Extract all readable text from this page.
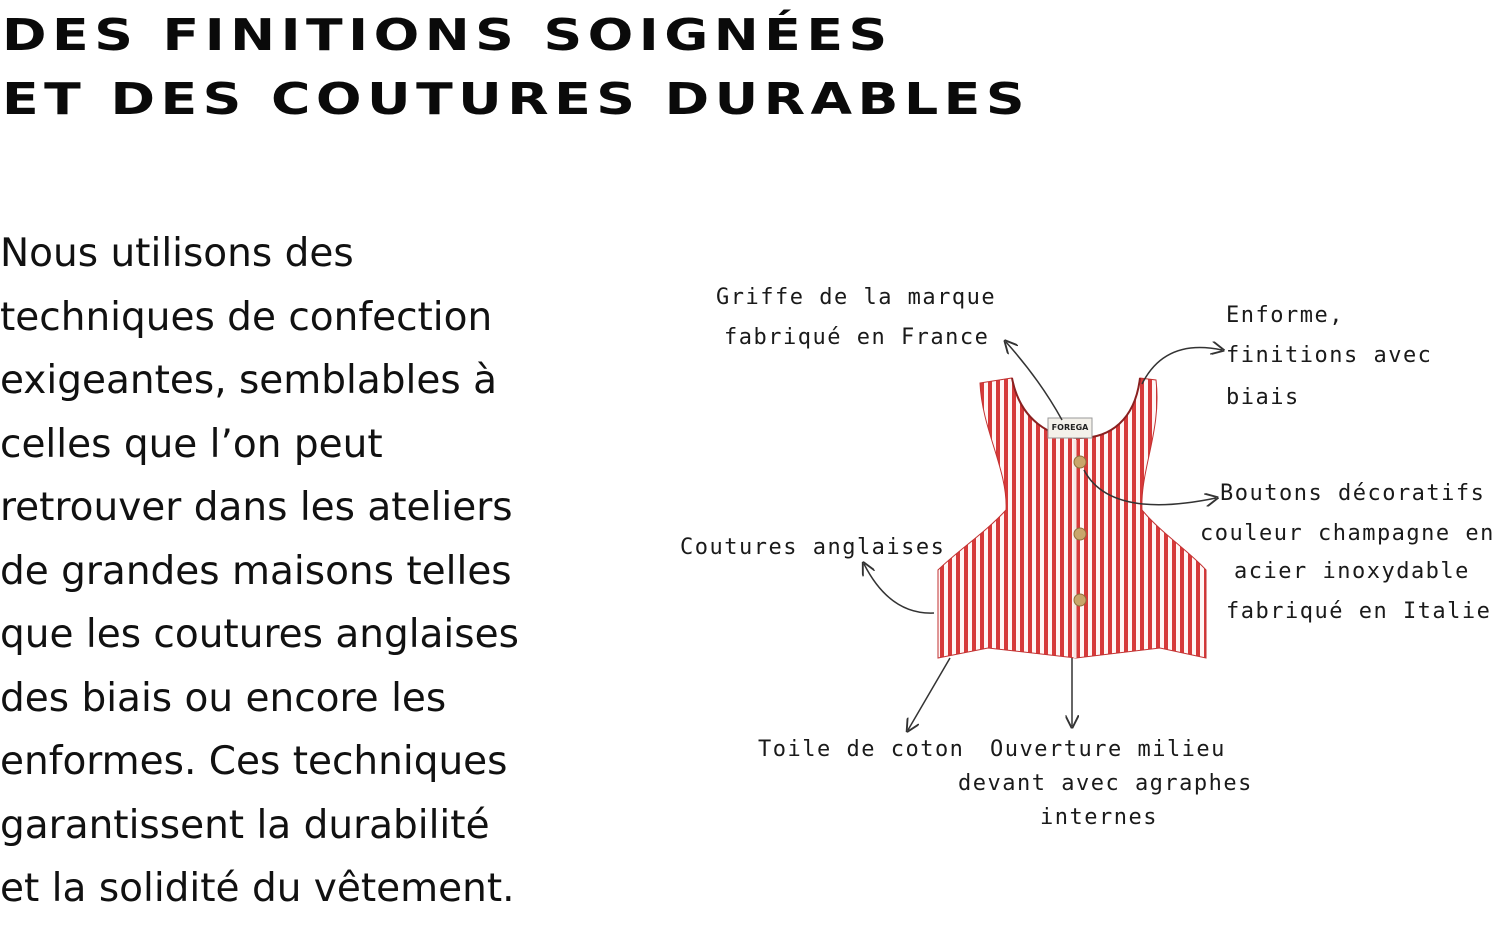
DES FINITIONS SOIGNÉES
ET DES COUTURES DURABLES

Nous utilisons des
techniques de confection
exigeantes, semblables à
celles que l’on peut
retrouver dans les ateliers
de grandes maisons telles
que les coutures anglaises
des biais ou encore les
enformes. Ces techniques
garantissent la durabilité
et la solidité du vêtement.

FOREGA
Griffe de la marque
fabriqué en France
Enforme,
finitions avec
biais
Boutons décoratifs
couleur champagne en
acier inoxydable
fabriqué en Italie
Coutures anglaises
Toile de coton Ouverture milieu
devant avec agraphes
internes
